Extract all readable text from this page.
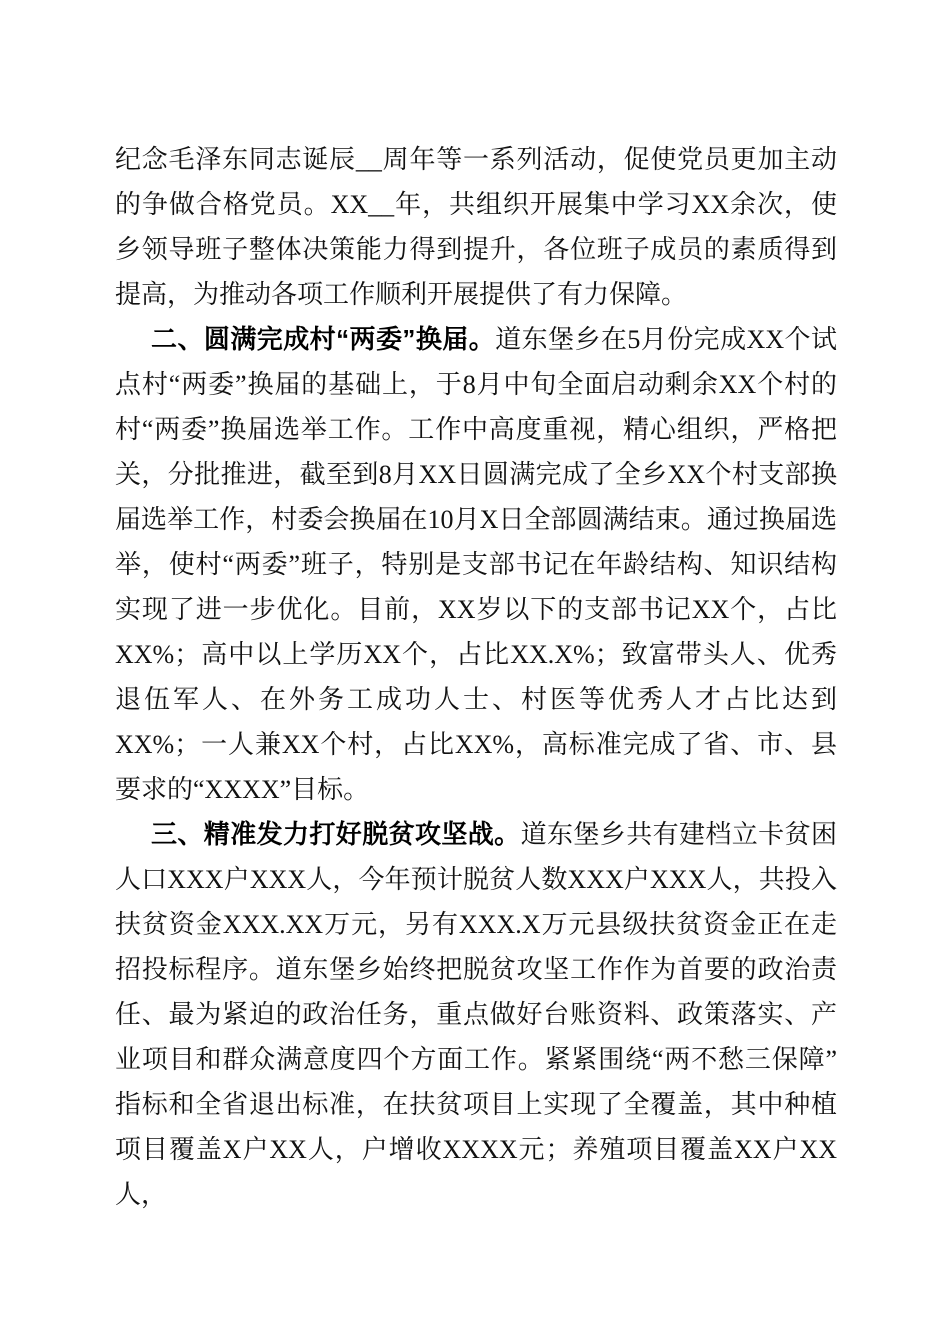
纪念毛泽东同志诞辰__周年等一系列活动，促使党员更加主动的争做合格党员。XX__年，共组织开展集中学习XX余次，使乡领导班子整体决策能力得到提升，各位班子成员的素质得到提高，为推动各项工作顺利开展提供了有力保障。

二、圆满完成村“两委”换届。道东堡乡在5月份完成XX个试点村“两委”换届的基础上，于8月中旬全面启动剩余XX个村的村“两委”换届选举工作。工作中高度重视，精心组织，严格把关，分批推进，截至到8月XX日圆满完成了全乡XX个村支部换届选举工作，村委会换届在10月X日全部圆满结束。通过换届选举，使村“两委”班子，特别是支部书记在年龄结构、知识结构实现了进一步优化。目前，XX岁以下的支部书记XX个，占比XX%；高中以上学历XX个，占比XX.X%；致富带头人、优秀退伍军人、在外务工成功人士、村医等优秀人才占比达到XX%；一人兼XX个村，占比XX%，高标准完成了省、市、县要求的“XXXX”目标。

三、精准发力打好脱贫攻坚战。道东堡乡共有建档立卡贫困人口XXX户XXX人，今年预计脱贫人数XXX户XXX人，共投入扶贫资金XXX.XX万元，另有XXX.X万元县级扶贫资金正在走招投标程序。道东堡乡始终把脱贫攻坚工作作为首要的政治责任、最为紧迫的政治任务，重点做好台账资料、政策落实、产业项目和群众满意度四个方面工作。紧紧围绕“两不愁三保障”指标和全省退出标准，在扶贫项目上实现了全覆盖，其中种植项目覆盖X户XX人，户增收XXXX元；养殖项目覆盖XX户XX人，
